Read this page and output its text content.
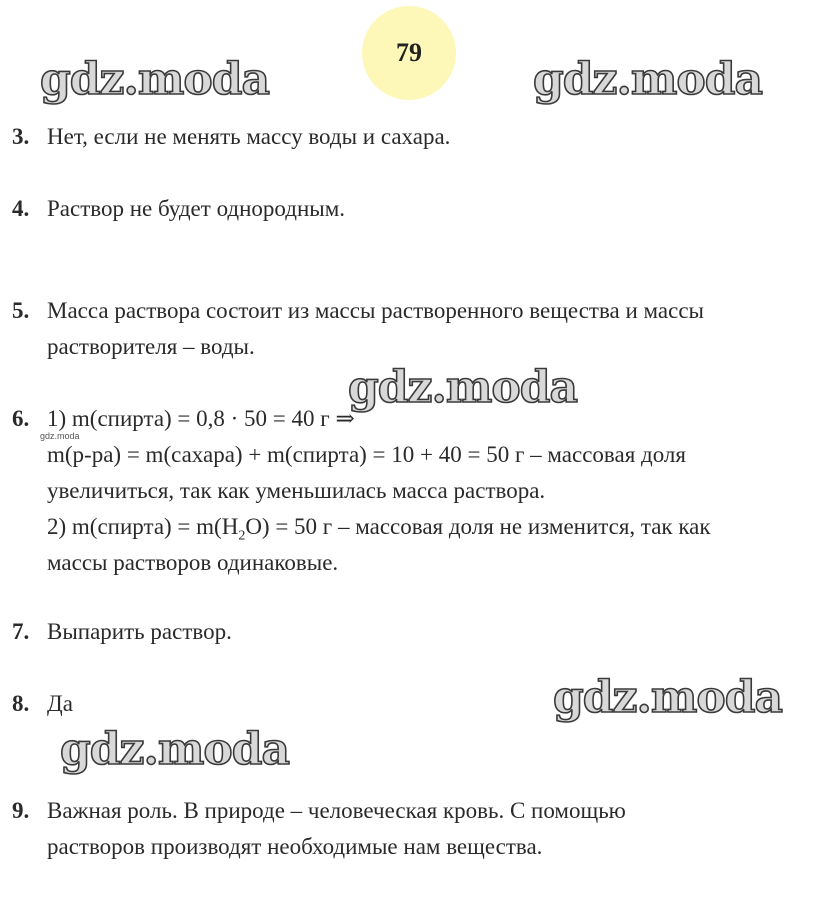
79
gdz.moda	gdz.moda
gdz.moda
gdz.moda
gdz.moda
gdz.moda
3. Нет, если не менять массу воды и сахара.
4. Раствор не будет однородным.
5. Масса раствора состоит из массы растворенного вещества и массы
растворителя – воды.
6. 1) m(спирта) = 0,8 · 50 = 40 г ⇒
m(р-ра) = m(сахара) + m(спирта) = 10 + 40 = 50 г – массовая доля
увеличиться, так как уменьшилась масса раствора.
2) m(спирта) = $m(H_2O) = 50$ г – массовая доля не изменится, так как
массы растворов одинаковые.
7. Выпарить раствор.
8. Да
9. Важная роль. В природе – человеческая кровь. С помощью
растворов производят необходимые нам вещества.
